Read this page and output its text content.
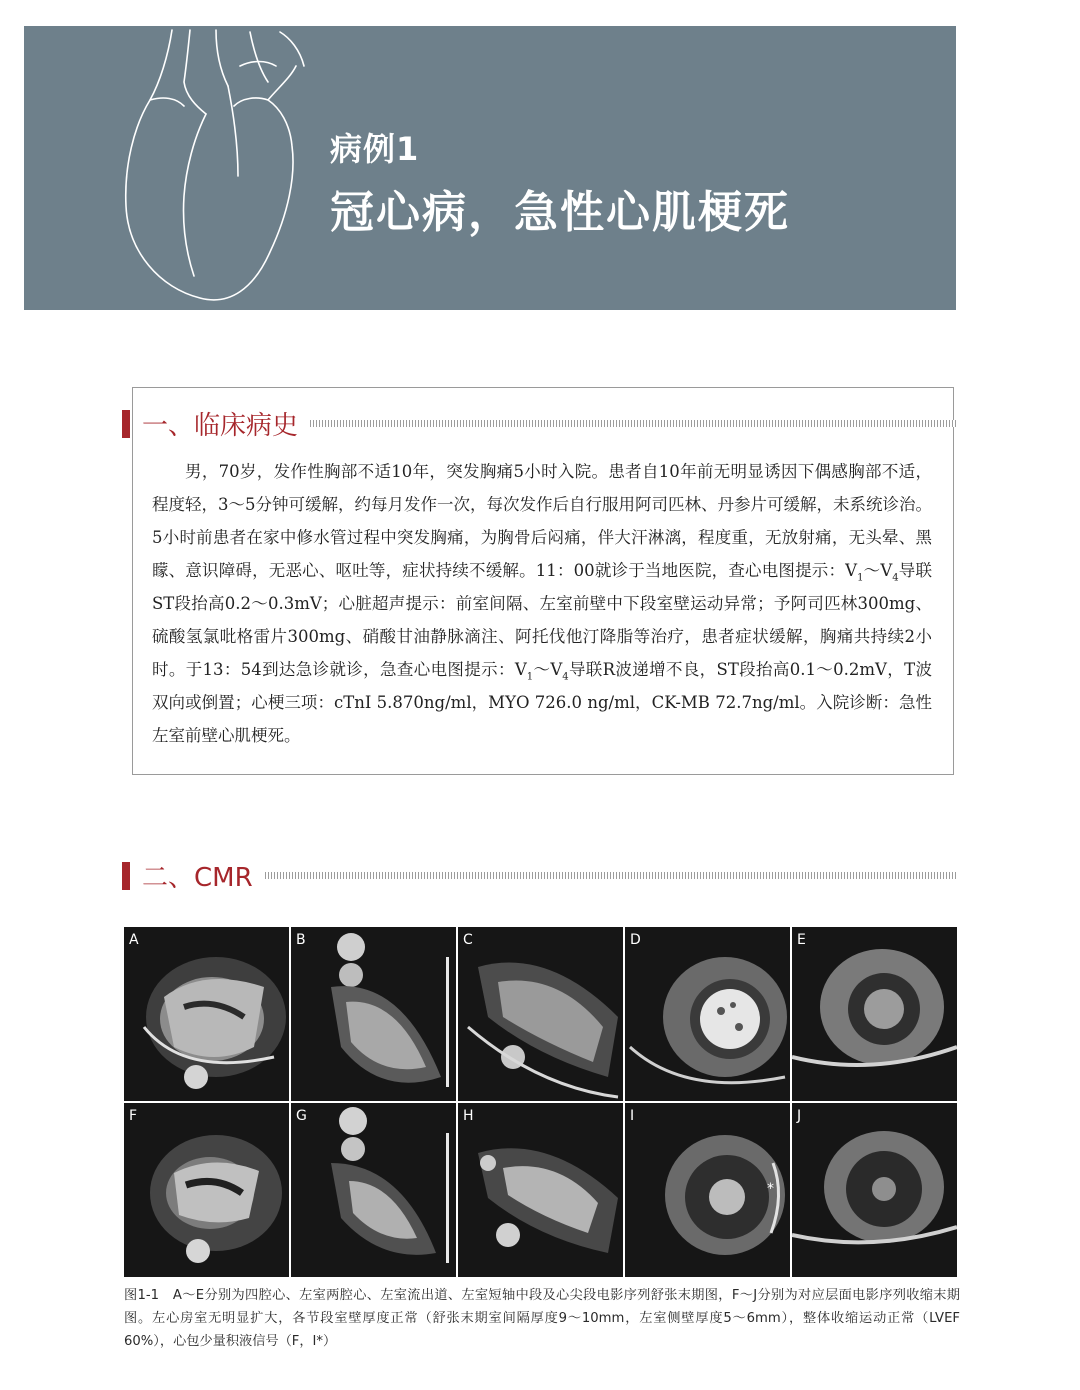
病例1
冠心病，急性心肌梗死
一、临床病史

男，70岁，发作性胸部不适10年，突发胸痛5小时入院。患者自10年前无明显诱因下偶感胸部不适，程度轻，3～5分钟可缓解，约每月发作一次，每次发作后自行服用阿司匹林、丹参片可缓解，未系统诊治。5小时前患者在家中修水管过程中突发胸痛，为胸骨后闷痛，伴大汗淋漓，程度重，无放射痛，无头晕、黑矇、意识障碍，无恶心、呕吐等，症状持续不缓解。11：00就诊于当地医院，查心电图提示：$V_1\sim V_4$导联ST段抬高0.2～0.3mV；心脏超声提示：前室间隔、左室前壁中下段室壁运动异常；予阿司匹林300mg、硫酸氢氯吡格雷片300mg、硝酸甘油静脉滴注、阿托伐他汀降脂等治疗，患者症状缓解，胸痛共持续2小时。于13：54到达急诊就诊，急查心电图提示：$V_1\sim V_4$导联R波递增不良，ST段抬高0.1～0.2mV，T波双向或倒置；心梗三项：cTnI 5.870ng/ml，MYO 726.0 ng/ml，CK-MB 72.7ng/ml。入院诊断：急性左室前壁心肌梗死。

二、CMR
A	B	C	D	E
F	G	H	I
*
J
图1-1　A～E分别为四腔心、左室两腔心、左室流出道、左室短轴中段及心尖段电影序列舒张末期图，F～J分别为对应层面电影序列收缩末期图。左心房室无明显扩大，各节段室壁厚度正常（舒张末期室间隔厚度9～10mm，左室侧壁厚度5～6mm），整体收缩运动正常（LVEF 60%），心包少量积液信号（F，I*）
